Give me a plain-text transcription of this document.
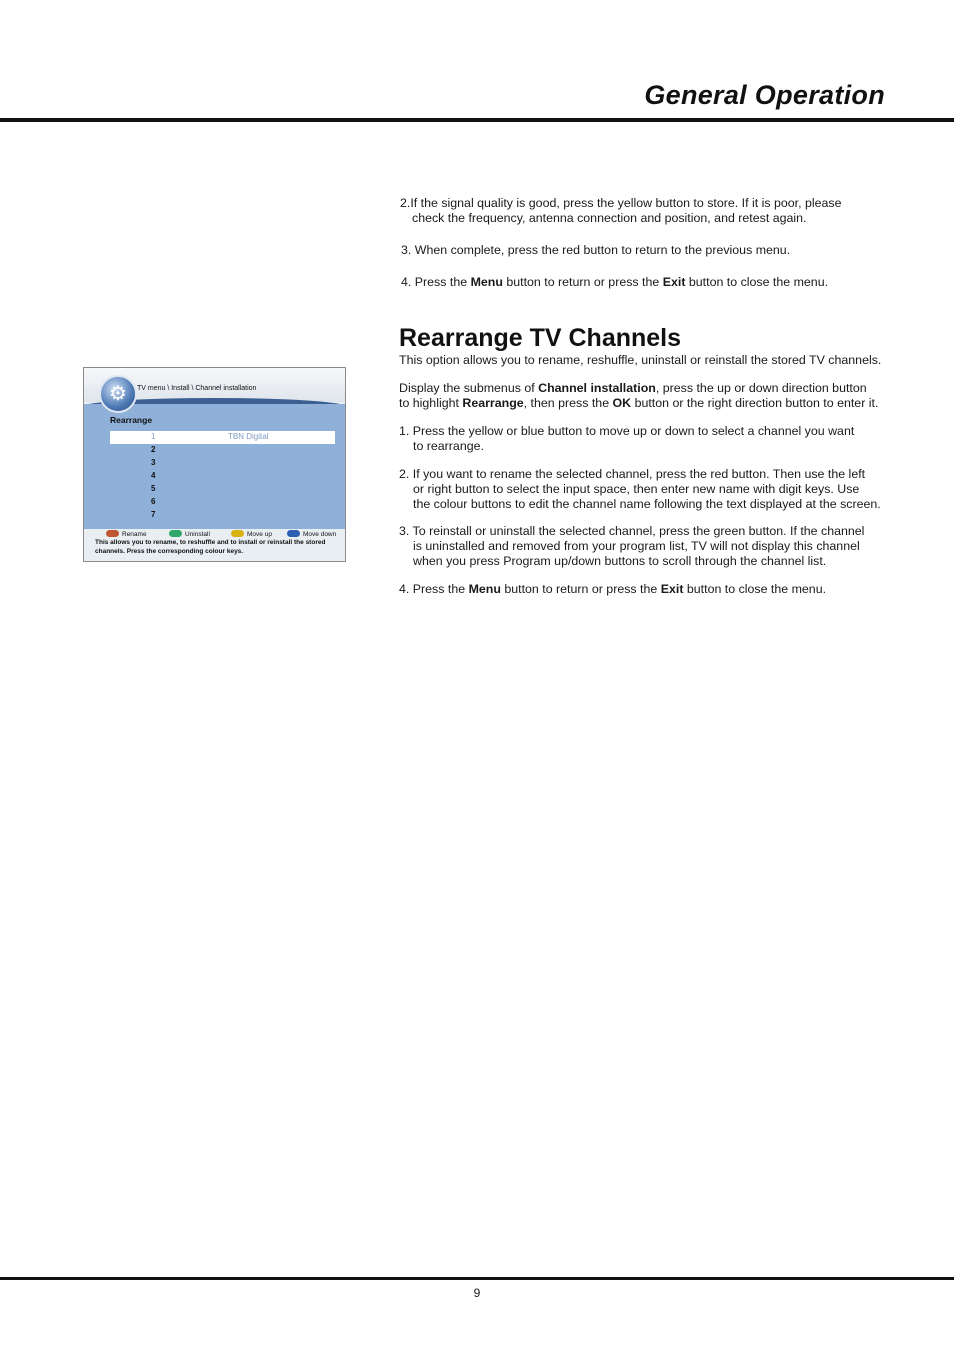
General Operation

2.If the signal quality is good, press the yellow button to store. If it is poor, please
check the frequency, antenna connection and position, and retest again.

3. When complete, press the red button to return to the previous menu.

4. Press the Menu button to return or press the Exit button to close the menu.

Rearrange TV Channels

This option allows you to rename, reshuffle, uninstall or reinstall the stored TV channels.

Display the submenus of Channel installation, press the up or down direction button
to highlight Rearrange, then press the OK button or the right direction button to enter it.

1. Press the yellow or blue button to move up or down to select a channel you want
to rearrange.

2. If you want to rename the selected channel, press the red button. Then use the left
or right button to select the input space, then enter new name with digit keys. Use
the colour buttons to edit the channel name following the text displayed at the screen.

3. To reinstall or uninstall the selected channel, press the green button. If the channel
is uninstalled and removed from your program list, TV will not display this channel
when you press Program up/down buttons to scroll through the channel list.

4. Press the Menu button to return or press the Exit button to close the menu.

⚙	TV menu \ Install \ Channel installation
Rearrange
1	TBN Digital
2
3
4
5
6
7
Rename	Uninstall	Move up	Move down
This allows you to rename, to reshuffle and to install or reinstall the stored channels. Press the corresponding colour keys.
9
